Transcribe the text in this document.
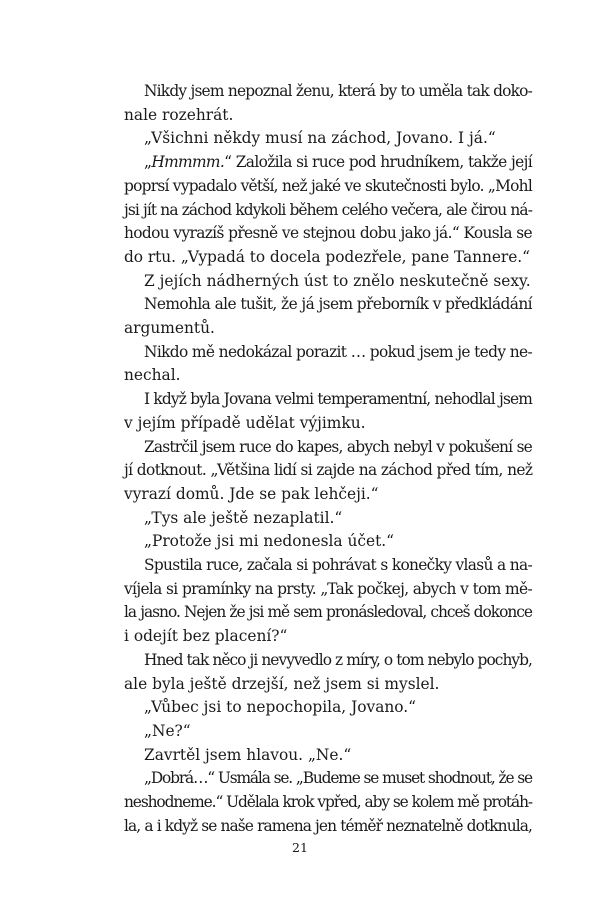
Nikdy jsem nepoznal ženu, která by to uměla tak doko-
nale rozehrát.
„Všichni někdy musí na záchod, Jovano. I já.“
„Hmmmm.“ Založila si ruce pod hrudníkem, takže její
poprsí vypadalo větší, než jaké ve skutečnosti bylo. „Mohl
jsi jít na záchod kdykoli během celého večera, ale čirou ná-
hodou vyrazíš přesně ve stejnou dobu jako já.“ Kousla se
do rtu. „Vypadá to docela podezřele, pane Tannere.“
Z jejích nádherných úst to znělo neskutečně sexy.
Nemohla ale tušit, že já jsem přeborník v předkládání
argumentů.
Nikdo mě nedokázal porazit … pokud jsem je tedy ne-
nechal.
I když byla Jovana velmi temperamentní, nehodlal jsem
v jejím případě udělat výjimku.
Zastrčil jsem ruce do kapes, abych nebyl v pokušení se
jí dotknout. „Většina lidí si zajde na záchod před tím, než
vyrazí domů. Jde se pak lehčeji.“
„Tys ale ještě nezaplatil.“
„Protože jsi mi nedonesla účet.“
Spustila ruce, začala si pohrávat s konečky vlasů a na-
víjela si pramínky na prsty. „Tak počkej, abych v tom mě-
la jasno. Nejen že jsi mě sem pronásledoval, chceš dokonce
i odejít bez placení?“
Hned tak něco ji nevyvedlo z míry, o tom nebylo pochyb,
ale byla ještě drzejší, než jsem si myslel.
„Vůbec jsi to nepochopila, Jovano.“
„Ne?“
Zavrtěl jsem hlavou. „Ne.“
„Dobrá…“ Usmála se. „Budeme se muset shodnout, že se
neshodneme.“ Udělala krok vpřed, aby se kolem mě protáh-
la, a i když se naše ramena jen téměř neznatelně dotknula,
21
